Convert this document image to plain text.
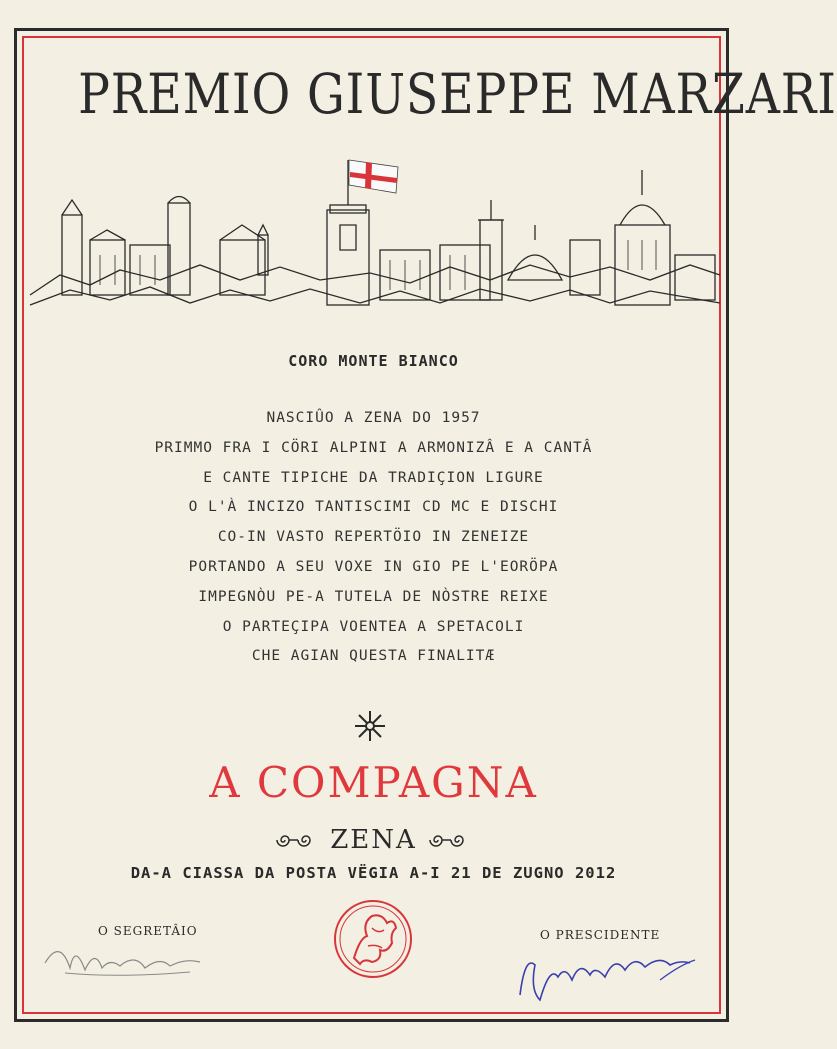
PREMIO GIUSEPPE MARZARI
CORO MONTE BIANCO
NASCIÛO A ZENA DO 1957
PRIMMO FRA I CÖRI ALPINI A ARMONIZÂ E A CANTÂ
E CANTE TIPICHE DA TRADIÇION LIGURE
O L'À INCIZO TANTISCIMI CD MC E DISCHI
CO-IN VASTO REPERTÖIO IN ZENEIZE
PORTANDO A SEU VOXE IN GIO PE L'EORÖPA
IMPEGNÒU PE-A TUTELA DE NÒSTRE REIXE
O PARTEÇIPA VOENTEA A SPETACOLI
CHE AGIAN QUESTA FINALITÆ
A COMPAGNA
ZENA
DA-A CIASSA DA POSTA VËGIA A-I 21 DE ZUGNO 2012
O SEGRETÂIO	O PRESCIDENTE
